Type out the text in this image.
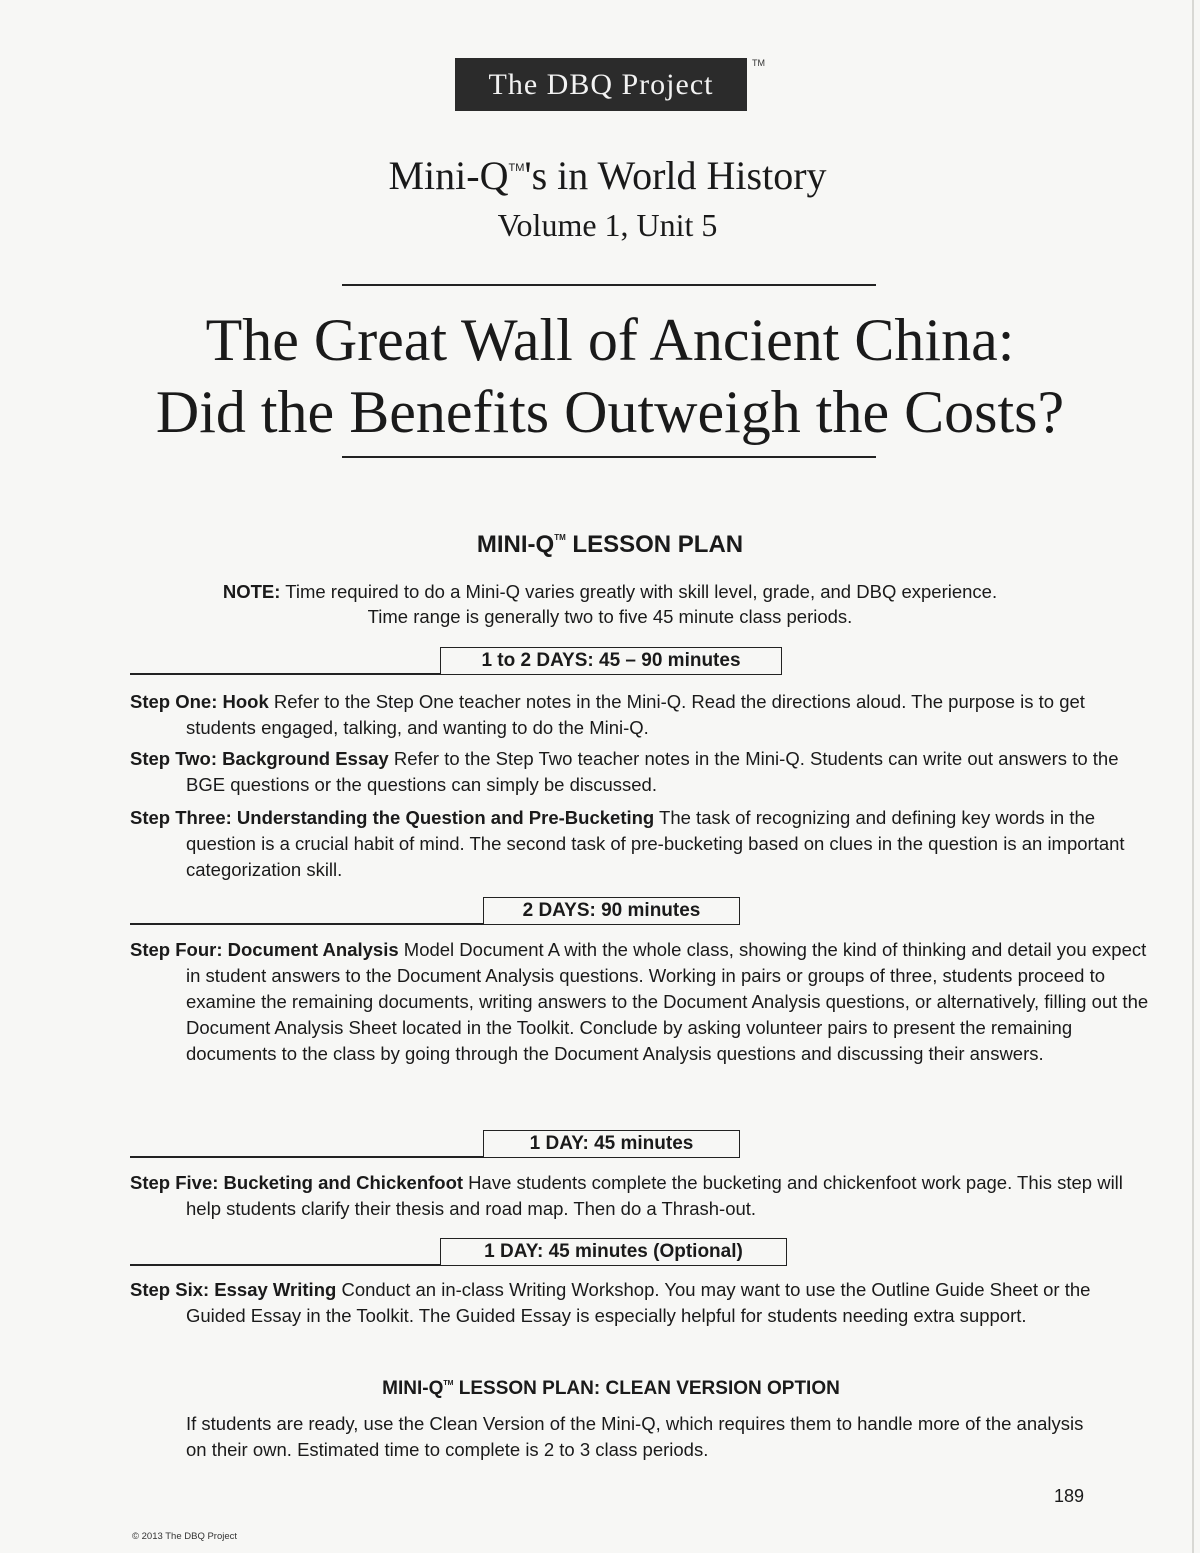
The DBQ Project
TM
Mini-Q™'s in World History
Volume 1, Unit 5
The Great Wall of Ancient China:
Did the Benefits Outweigh the Costs?
MINI-Q™ LESSON PLAN
NOTE: Time required to do a Mini-Q varies greatly with skill level, grade, and DBQ experience.
Time range is generally two to five 45 minute class periods.
1 to 2 DAYS: 45 – 90 minutes
Step One: Hook Refer to the Step One teacher notes in the Mini-Q. Read the directions aloud. The purpose is to get students engaged, talking, and wanting to do the Mini-Q.
Step Two: Background Essay Refer to the Step Two teacher notes in the Mini-Q. Students can write out answers to the BGE questions or the questions can simply be discussed.
Step Three: Understanding the Question and Pre-Bucketing The task of recognizing and defining key words in the question is a crucial habit of mind. The second task of pre-bucketing based on clues in the question is an important categorization skill.
2 DAYS: 90 minutes
Step Four: Document Analysis Model Document A with the whole class, showing the kind of thinking and detail you expect in student answers to the Document Analysis questions. Working in pairs or groups of three, students proceed to examine the remaining documents, writing answers to the Document Analysis questions, or alternatively, filling out the Document Analysis Sheet located in the Toolkit. Conclude by asking volunteer pairs to present the remaining documents to the class by going through the Document Analysis questions and discussing their answers.
1 DAY: 45 minutes
Step Five: Bucketing and Chickenfoot Have students complete the bucketing and chickenfoot work page. This step will help students clarify their thesis and road map. Then do a Thrash-out.
1 DAY: 45 minutes (Optional)
Step Six: Essay Writing Conduct an in-class Writing Workshop. You may want to use the Outline Guide Sheet or the Guided Essay in the Toolkit. The Guided Essay is especially helpful for students needing extra support.
MINI-Q™ LESSON PLAN: CLEAN VERSION OPTION
If students are ready, use the Clean Version of the Mini-Q, which requires them to handle more of the analysis on their own. Estimated time to complete is 2 to 3 class periods.
189
© 2013 The DBQ Project
